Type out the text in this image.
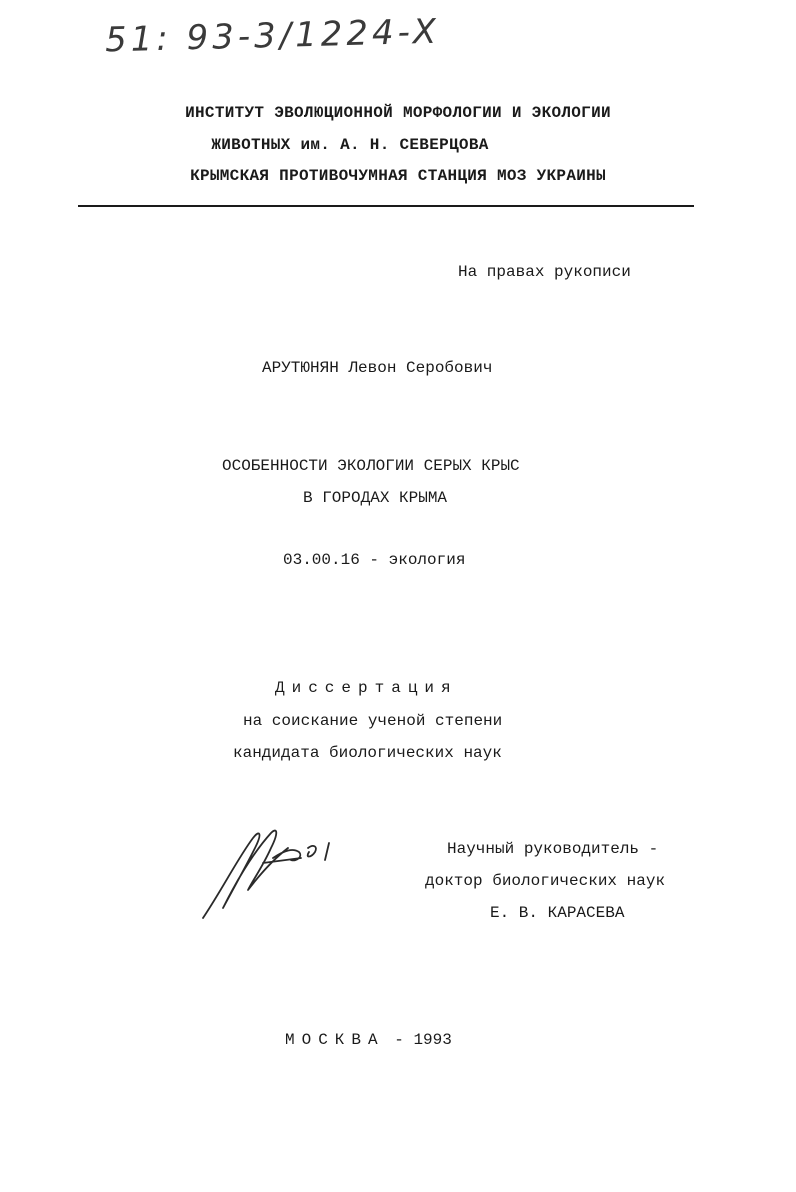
51: 93-3/1224-X
ИНСТИТУТ ЭВОЛЮЦИОННОЙ МОРФОЛОГИИ И ЭКОЛОГИИ
ЖИВОТНЫХ им. А. Н. СЕВЕРЦОВА
КРЫМСКАЯ ПРОТИВОЧУМНАЯ СТАНЦИЯ МОЗ УКРАИНЫ
На правах рукописи
АРУТЮНЯН Левон Серобович
ОСОБЕННОСТИ ЭКОЛОГИИ СЕРЫХ КРЫС
В ГОРОДАХ КРЫМА
03.00.16 - экология
Диссертация
на соискание ученой степени
кандидата биологических наук
Научный руководитель -
доктор биологических наук
Е. В. КАРАСЕВА
МОСКВА - 1993
